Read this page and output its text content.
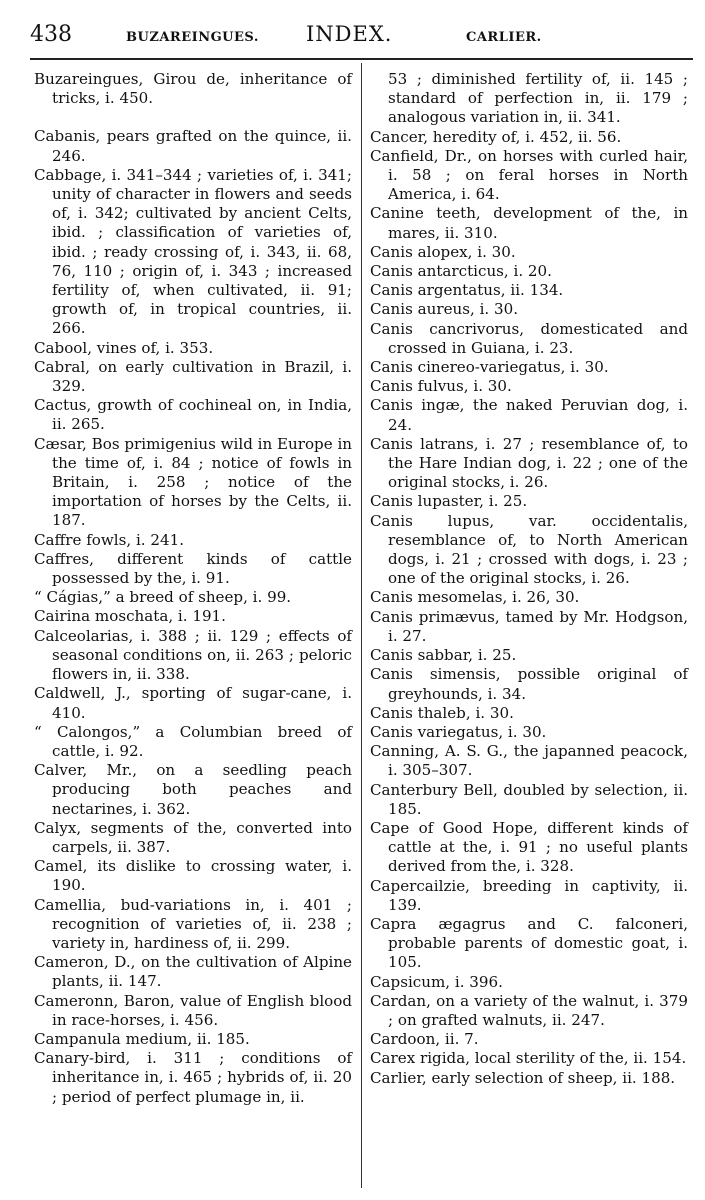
438	BUZAREINGUES.	INDEX.	CARLIER.
Buzareingues, Girou de, inheritance of tricks, i. 450.
Cabanis, pears grafted on the quince, ii. 246.
Cabbage, i. 341–344 ; varieties of, i. 341; unity of character in flowers and seeds of, i. 342; cultivated by ancient Celts, ibid. ; classification of varieties of, ibid. ; ready crossing of, i. 343, ii. 68, 76, 110 ; origin of, i. 343 ; increased fertility of, when cultivated, ii. 91; growth of, in tropical countries, ii. 266.
Cabool, vines of, i. 353.
Cabral, on early cultivation in Brazil, i. 329.
Cactus, growth of cochineal on, in India, ii. 265.
Cæsar, Bos primigenius wild in Europe in the time of, i. 84 ; notice of fowls in Britain, i. 258 ; notice of the importation of horses by the Celts, ii. 187.
Caffre fowls, i. 241.
Caffres, different kinds of cattle possessed by the, i. 91.
“ Cágias,” a breed of sheep, i. 99.
Cairina moschata, i. 191.
Calceolarias, i. 388 ; ii. 129 ; effects of seasonal conditions on, ii. 263 ; peloric flowers in, ii. 338.
Caldwell, J., sporting of sugar-cane, i. 410.
“ Calongos,” a Columbian breed of cattle, i. 92.
Calver, Mr., on a seedling peach producing both peaches and nectarines, i. 362.
Calyx, segments of the, converted into carpels, ii. 387.
Camel, its dislike to crossing water, i. 190.
Camellia, bud-variations in, i. 401 ; recognition of varieties of, ii. 238 ; variety in, hardiness of, ii. 299.
Cameron, D., on the cultivation of Alpine plants, ii. 147.
Cameronn, Baron, value of English blood in race-horses, i. 456.
Campanula medium, ii. 185.
Canary-bird, i. 311 ; conditions of inheritance in, i. 465 ; hybrids of, ii. 20 ; period of perfect plumage in, ii.
53 ; diminished fertility of, ii. 145 ; standard of perfection in, ii. 179 ; analogous variation in, ii. 341.
Cancer, heredity of, i. 452, ii. 56.
Canfield, Dr., on horses with curled hair, i. 58 ; on feral horses in North America, i. 64.
Canine teeth, development of the, in mares, ii. 310.
Canis alopex, i. 30.
Canis antarcticus, i. 20.
Canis argentatus, ii. 134.
Canis aureus, i. 30.
Canis cancrivorus, domesticated and crossed in Guiana, i. 23.
Canis cinereo-variegatus, i. 30.
Canis fulvus, i. 30.
Canis ingæ, the naked Peruvian dog, i. 24.
Canis latrans, i. 27 ; resemblance of, to the Hare Indian dog, i. 22 ; one of the original stocks, i. 26.
Canis lupaster, i. 25.
Canis lupus, var. occidentalis, resemblance of, to North American dogs, i. 21 ; crossed with dogs, i. 23 ; one of the original stocks, i. 26.
Canis mesomelas, i. 26, 30.
Canis primævus, tamed by Mr. Hodgson, i. 27.
Canis sabbar, i. 25.
Canis simensis, possible original of greyhounds, i. 34.
Canis thaleb, i. 30.
Canis variegatus, i. 30.
Canning, A. S. G., the japanned peacock, i. 305–307.
Canterbury Bell, doubled by selection, ii. 185.
Cape of Good Hope, different kinds of cattle at the, i. 91 ; no useful plants derived from the, i. 328.
Capercailzie, breeding in captivity, ii. 139.
Capra ægagrus and C. falconeri, probable parents of domestic goat, i. 105.
Capsicum, i. 396.
Cardan, on a variety of the walnut, i. 379 ; on grafted walnuts, ii. 247.
Cardoon, ii. 7.
Carex rigida, local sterility of the, ii. 154.
Carlier, early selection of sheep, ii. 188.
